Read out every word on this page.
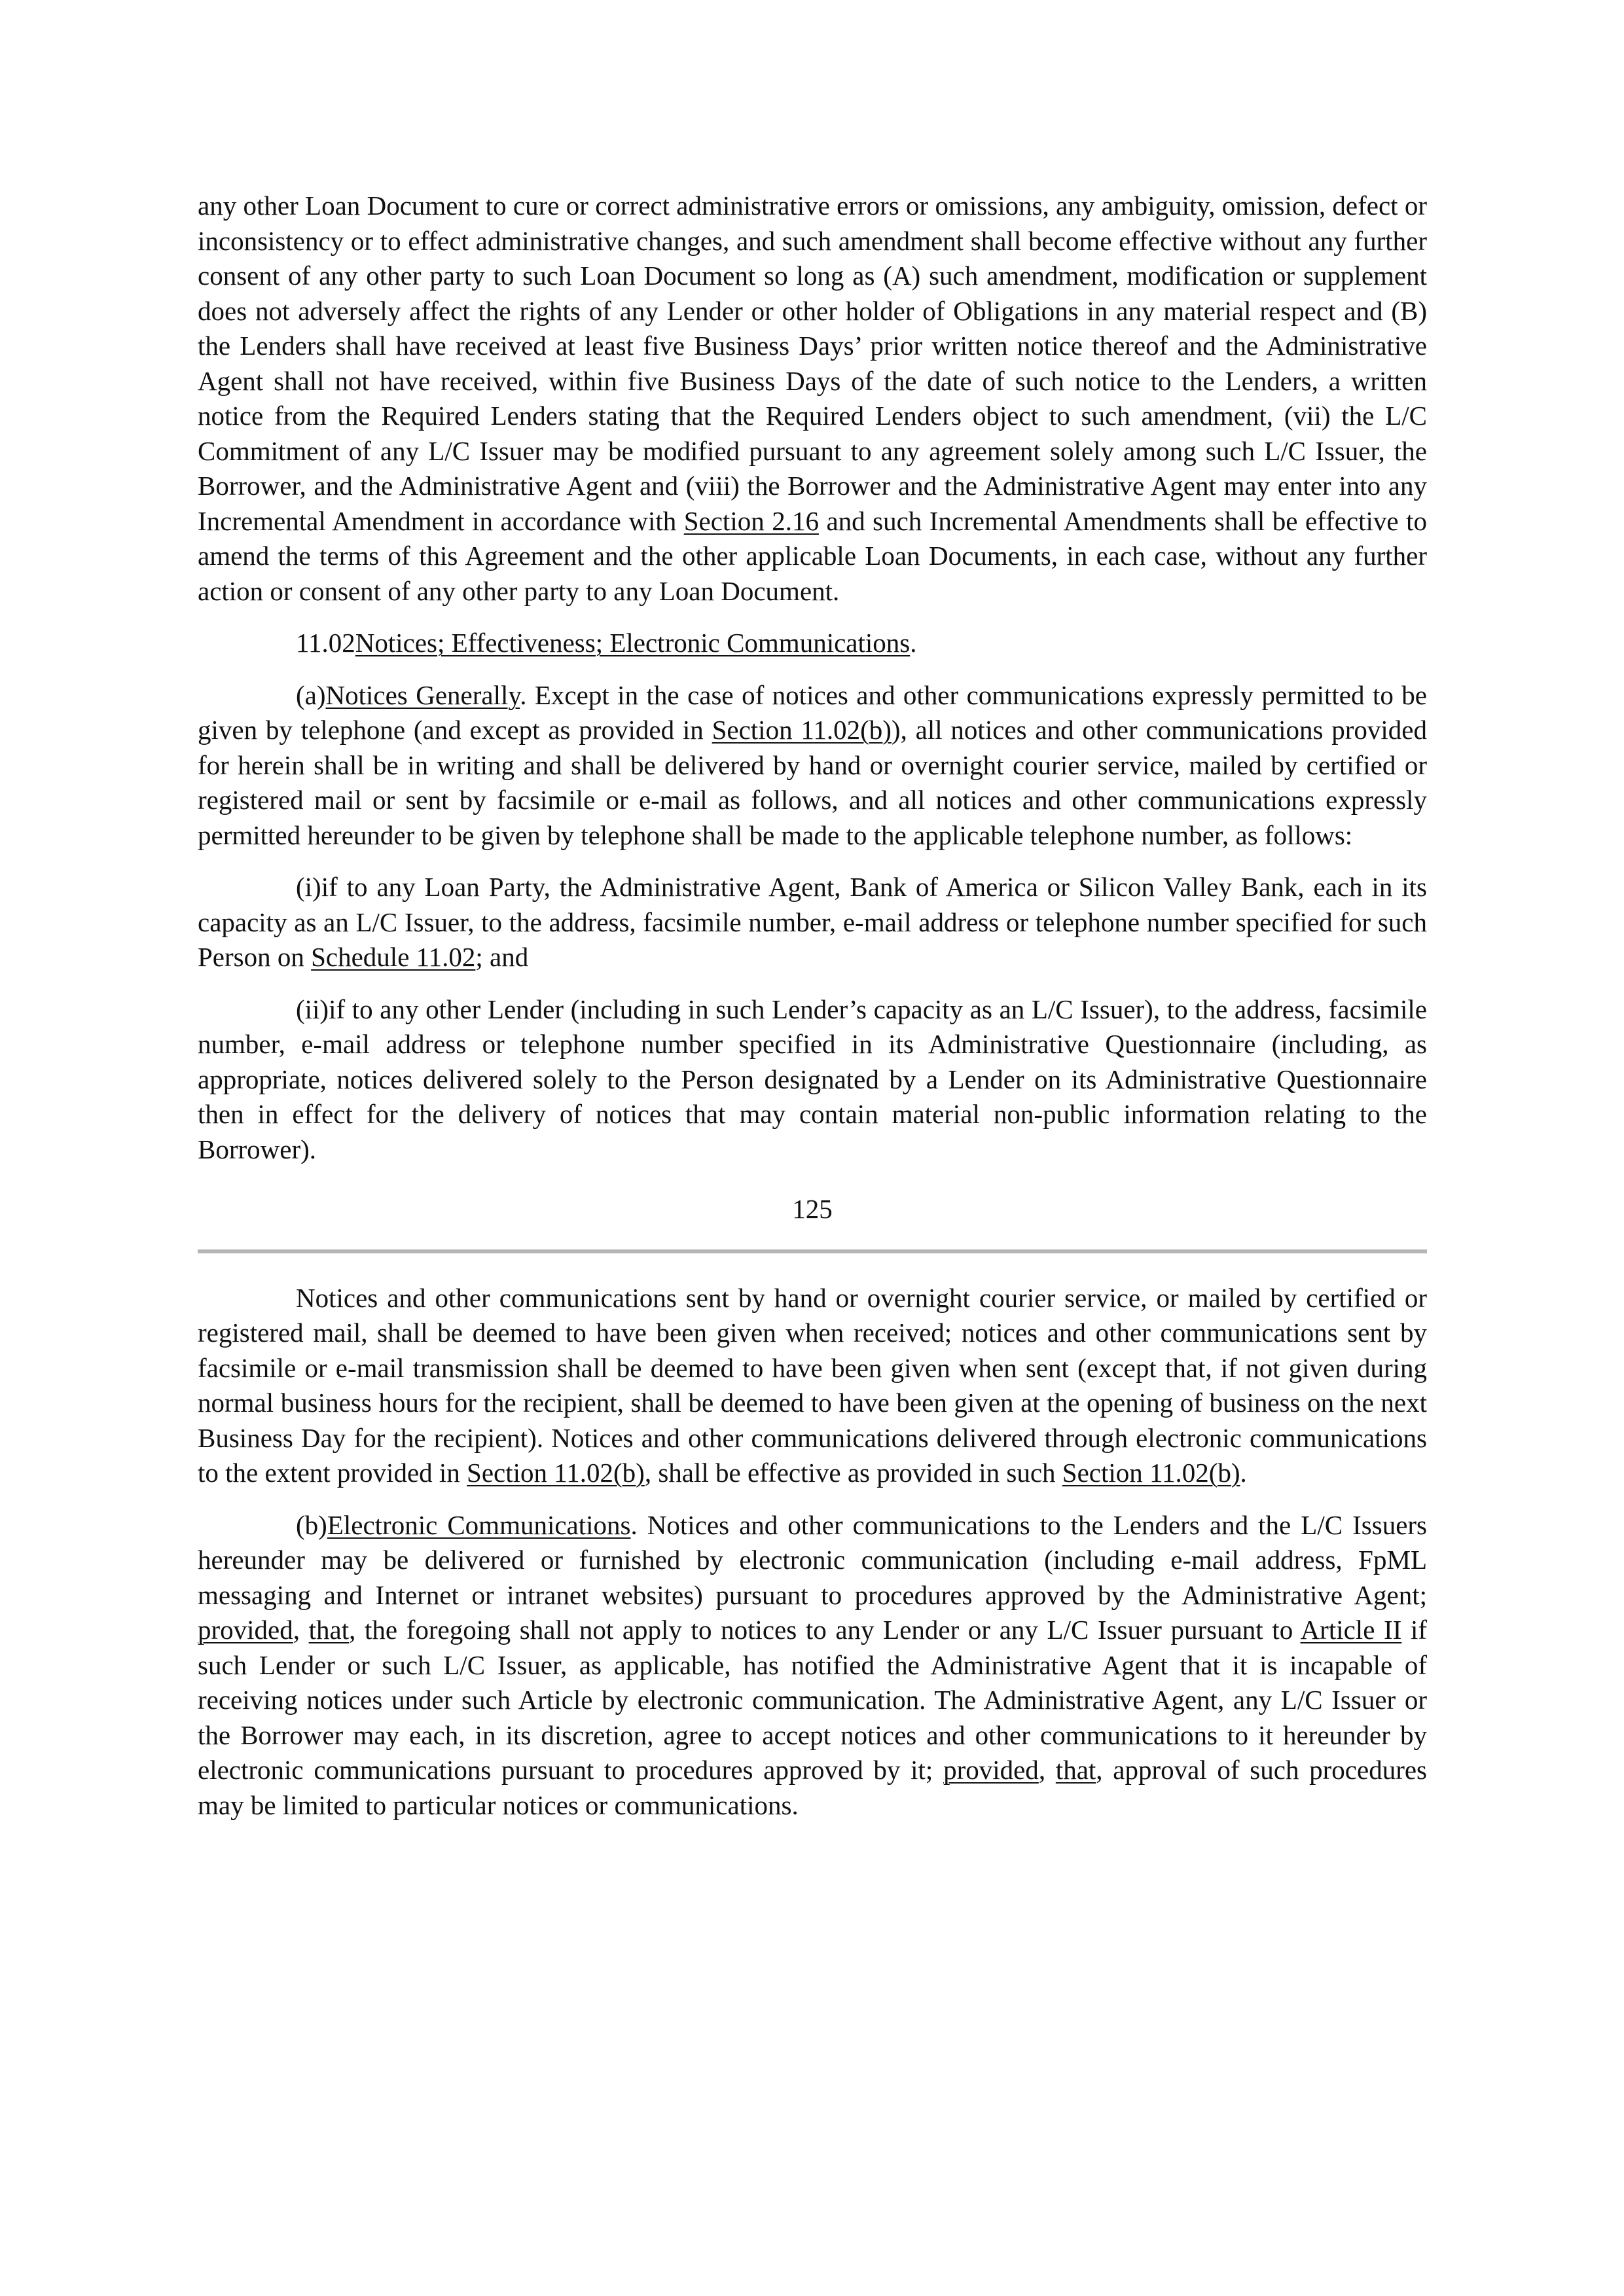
any other Loan Document to cure or correct administrative errors or omissions, any ambiguity, omission, defect or inconsistency or to effect administrative changes, and such amendment shall become effective without any further consent of any other party to such Loan Document so long as (A) such amendment, modification or supplement does not adversely affect the rights of any Lender or other holder of Obligations in any material respect and (B) the Lenders shall have received at least five Business Days’ prior written notice thereof and the Administrative Agent shall not have received, within five Business Days of the date of such notice to the Lenders, a written notice from the Required Lenders stating that the Required Lenders object to such amendment, (vii) the L/C Commitment of any L/C Issuer may be modified pursuant to any agreement solely among such L/C Issuer, the Borrower, and the Administrative Agent and (viii) the Borrower and the Administrative Agent may enter into any Incremental Amendment in accordance with Section 2.16 and such Incremental Amendments shall be effective to amend the terms of this Agreement and the other applicable Loan Documents, in each case, without any further action or consent of any other party to any Loan Document.

11.02Notices; Effectiveness; Electronic Communications.

(a)Notices Generally. Except in the case of notices and other communications expressly permitted to be given by telephone (and except as provided in Section 11.02(b)), all notices and other communications provided for herein shall be in writing and shall be delivered by hand or overnight courier service, mailed by certified or registered mail or sent by facsimile or e-mail as follows, and all notices and other communications expressly permitted hereunder to be given by telephone shall be made to the applicable telephone number, as follows:

(i)if to any Loan Party, the Administrative Agent, Bank of America or Silicon Valley Bank, each in its capacity as an L/C Issuer, to the address, facsimile number, e-mail address or telephone number specified for such Person on Schedule 11.02; and

(ii)if to any other Lender (including in such Lender’s capacity as an L/C Issuer), to the address, facsimile number, e-mail address or telephone number specified in its Administrative Questionnaire (including, as appropriate, notices delivered solely to the Person designated by a Lender on its Administrative Questionnaire then in effect for the delivery of notices that may contain material non-public information relating to the Borrower).

125

Notices and other communications sent by hand or overnight courier service, or mailed by certified or registered mail, shall be deemed to have been given when received; notices and other communications sent by facsimile or e-mail transmission shall be deemed to have been given when sent (except that, if not given during normal business hours for the recipient, shall be deemed to have been given at the opening of business on the next Business Day for the recipient). Notices and other communications delivered through electronic communications to the extent provided in Section 11.02(b), shall be effective as provided in such Section 11.02(b).

(b)Electronic Communications. Notices and other communications to the Lenders and the L/C Issuers hereunder may be delivered or furnished by electronic communication (including e-mail address, FpML messaging and Internet or intranet websites) pursuant to procedures approved by the Administrative Agent; provided, that, the foregoing shall not apply to notices to any Lender or any L/C Issuer pursuant to Article II if such Lender or such L/C Issuer, as applicable, has notified the Administrative Agent that it is incapable of receiving notices under such Article by electronic communication. The Administrative Agent, any L/C Issuer or the Borrower may each, in its discretion, agree to accept notices and other communications to it hereunder by electronic communications pursuant to procedures approved by it; provided, that, approval of such procedures may be limited to particular notices or communications.
